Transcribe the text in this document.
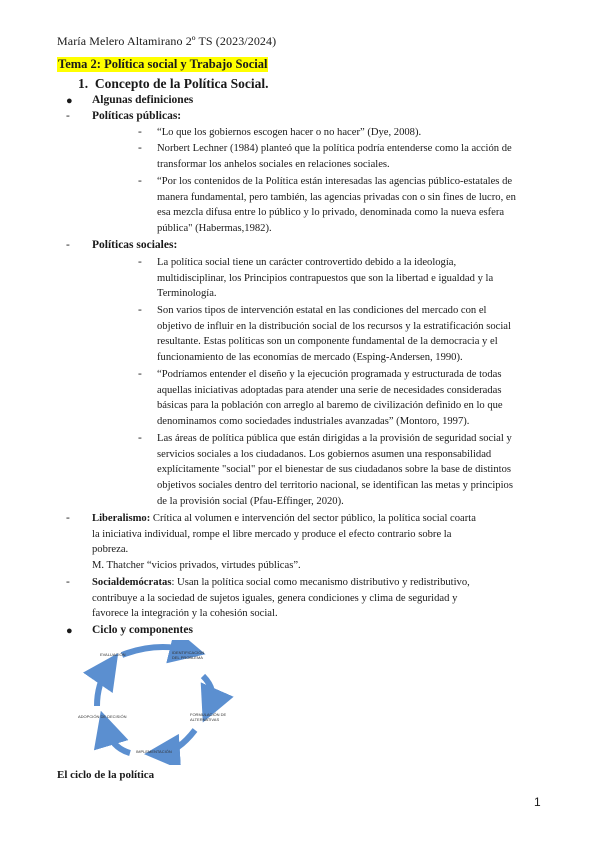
María Melero Altamirano 2º TS (2023/2024)
Tema 2: Política social y Trabajo Social
1. Concepto de la Política Social.
● Algunas definiciones
- Políticas públicas:
- “Lo que los gobiernos escogen hacer o no hacer” (Dye, 2008).
- Norbert Lechner (1984) planteó que la política podría entenderse como la acción de
transformar los anhelos sociales en relaciones sociales.
- “Por los contenidos de la Política están interesadas las agencias público-estatales de
manera fundamental, pero también, las agencias privadas con o sin fines de lucro, en
esa mezcla difusa entre lo público y lo privado, denominada como la nueva esfera
pública" (Habermas,1982).
- Políticas sociales:
- La política social tiene un carácter controvertido debido a la ideología,
multidisciplinar, los Principios contrapuestos que son la libertad e igualdad y la
Terminología.
- Son varios tipos de intervención estatal en las condiciones del mercado con el
objetivo de influir en la distribución social de los recursos y la estratificación social
resultante. Estas políticas son un componente fundamental de la democracia y el
funcionamiento de las economías de mercado (Esping-Andersen, 1990).
- “Podríamos entender el diseño y la ejecución programada y estructurada de todas
aquellas iniciativas adoptadas para atender una serie de necesidades consideradas
básicas para la población con arreglo al baremo de civilización definido en lo que
denominamos como sociedades industriales avanzadas” (Montoro, 1997).
- Las áreas de política pública que están dirigidas a la provisión de seguridad social y
servicios sociales a los ciudadanos. Los gobiernos asumen una responsabilidad
explícitamente "social" por el bienestar de sus ciudadanos sobre la base de distintos
objetivos sociales dentro del territorio nacional, se identifican las metas y principios
de la provisión social (Pfau-Effinger, 2020).
- Liberalismo: Crítica al volumen e intervención del sector público, la política social coarta
la iniciativa individual, rompe el libre mercado y produce el efecto contrario sobre la
pobreza.
M. Thatcher “vicios privados, virtudes públicas”.
- Socialdemócratas: Usan la política social como mecanismo distributivo y redistributivo,
contribuye a la sociedad de sujetos iguales, genera condiciones y clima de seguridad y
favorece la integración y la cohesión social.
● Ciclo y componentes
EVALUACIÓN	IDENTIFICACIÓN DEL PROBLEMA
FORMULACIÓN DE ALTERNATIVAS
IMPLEMENTACIÓN
ADOPCIÓN DE DECISIÓN
El ciclo de la política
1
